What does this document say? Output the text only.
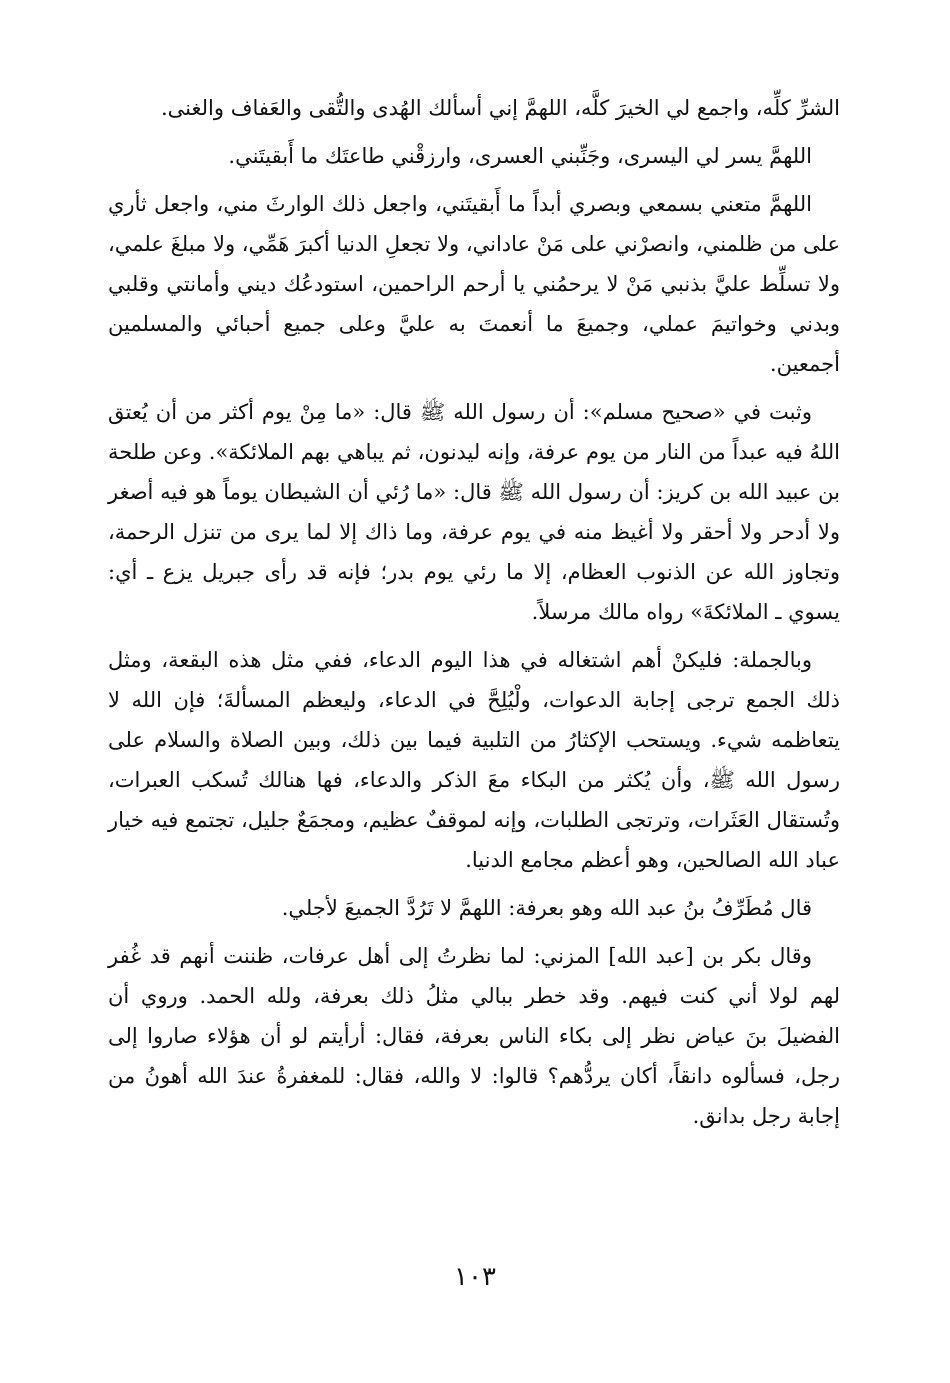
الشرِّ كلِّه، واجمع لي الخيرَ كلَّه، اللهمَّ إني أسألك الهُدى والتُّقى والعَفاف والغنى.

اللهمَّ يسر لي اليسرى، وجَنِّبني العسرى، وارزقْني طاعتَك ما أَبقيتَني.

اللهمَّ متعني بسمعي وبصري أبداً ما أَبقيتَني، واجعل ذلك الوارثَ مني، واجعل ثأري على من ظلمني، وانصرْني على مَنْ عاداني، ولا تجعلِ الدنيا أكبرَ هَمِّي، ولا مبلغَ علمي، ولا تسلِّط عليَّ بذنبي مَنْ لا يرحمُني يا أرحم الراحمين، استودعُك ديني وأمانتي وقلبي وبدني وخواتيمَ عملي، وجميعَ ما أنعمتَ به عليَّ وعلى جميع أحبائي والمسلمين أجمعين.

وثبت في «صحيح مسلم»: أن رسول الله ﷺ قال: «ما مِنْ يوم أكثر من أن يُعتق اللهُ فيه عبداً من النار من يوم عرفة، وإنه ليدنون، ثم يباهي بهم الملائكة». وعن طلحة بن عبيد الله بن كريز: أن رسول الله ﷺ قال: «ما رُئي أن الشيطان يوماً هو فيه أصغر ولا أدحر ولا أحقر ولا أغيظ منه في يوم عرفة، وما ذاك إلا لما يرى من تنزل الرحمة، وتجاوز الله عن الذنوب العظام، إلا ما رئي يوم بدر؛ فإنه قد رأى جبريل يزع ـ أي: يسوي ـ الملائكةَ» رواه مالك مرسلاً.

وبالجملة: فليكنْ أهم اشتغاله في هذا اليوم الدعاء، ففي مثل هذه البقعة، ومثل ذلك الجمع ترجى إجابة الدعوات، ولْيُلِحَّ في الدعاء، وليعظم المسألةَ؛ فإن الله لا يتعاظمه شيء. ويستحب الإكثارُ من التلبية فيما بين ذلك، وبين الصلاة والسلام على رسول الله ﷺ، وأن يُكثر من البكاء معَ الذكر والدعاء، فها هنالك تُسكب العبرات، وتُستقال العَثَرات، وترتجى الطلبات، وإنه لموقفٌ عظيم، ومجمَعٌ جليل، تجتمع فيه خيار عباد الله الصالحين، وهو أعظم مجامع الدنيا.

قال مُطَرِّفُ بنُ عبد الله وهو بعرفة: اللهمَّ لا تَرُدَّ الجميعَ لأجلي.

وقال بكر بن [عبد الله] المزني: لما نظرتُ إلى أهل عرفات، ظننت أنهم قد غُفر لهم لولا أني كنت فيهم. وقد خطر ببالي مثلُ ذلك بعرفة، ولله الحمد. وروي أن الفضيلَ بنَ عياض نظر إلى بكاء الناس بعرفة، فقال: أرأيتم لو أن هؤلاء صاروا إلى رجل، فسألوه دانقاً، أكان يردُّهم؟ قالوا: لا والله، فقال: للمغفرةُ عندَ الله أهونُ من إجابة رجل بدانق.

١٠٣
